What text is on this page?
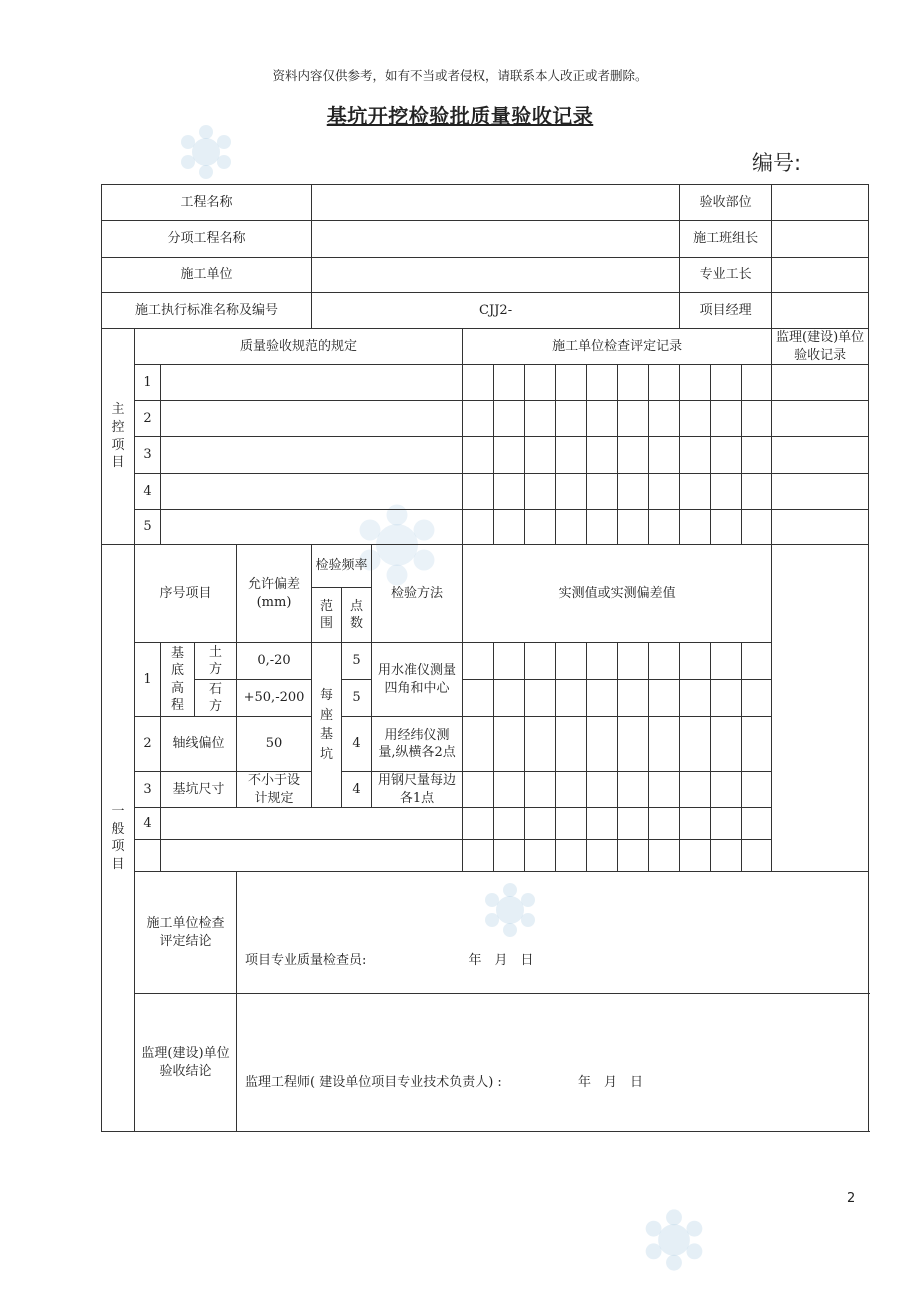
资料内容仅供参考，如有不当或者侵权，请联系本人改正或者删除。
基坑开挖检验批质量验收记录
编号:
工程名称															验收部位				
分项工程名称															施工班组长				
施工单位															专业工长				
施工执行标准名称及编号					CJJ2-										项目经理				
主控项目	质量验收规范的规定							施工单位检查评定记录										监理(建设)单位验收记录	
	1																		
	2																		
	3																		
	4																		
	5																		
一般项目	序号项目			允许偏差(mm)	检验频率		检验方法	实测值或实测偏差值											
					范围	点数													
	1	基底高程	土方	0,-20	每座基坑	5	用水准仪测量四角和中心												
			石方	+50,-200		5													
	2	轴线偏位		50		4	用经纬仪测量,纵横各2点												
	3	基坑尺寸		不小于设计规定		4	用钢尺量每边各1点												
	4																		

	施工单位检查评定结论			项目专业质量检查员: 年　月　日															
	监理(建设)单位验收结论			监理工程师( 建设单位项目专业技术负责人) : 年　月　日															
2
